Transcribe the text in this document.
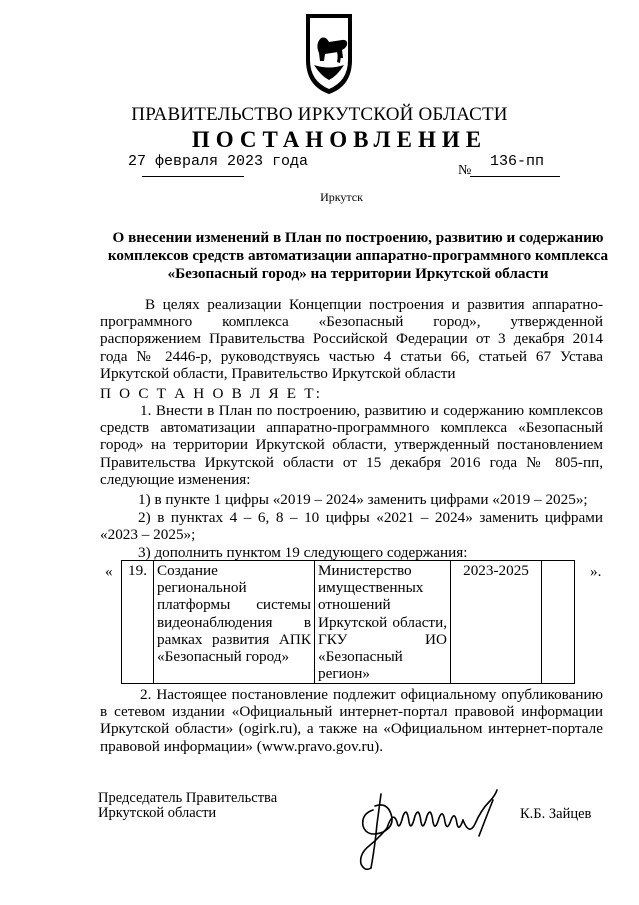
ПРАВИТЕЛЬСТВО ИРКУТСКОЙ ОБЛАСТИ
ПОСТАНОВЛЕНИЕ
27 февраля 2023 года
№
136-пп
Иркутск
О внесении изменений в План по построению, развитию и содержанию комплексов средств автоматизации аппаратно-программного комплекса «Безопасный город» на территории Иркутской области
В целях реализации Концепции построения и развития аппаратно-программного комплекса «Безопасный город», утвержденной распоряжением Правительства Российской Федерации от 3 декабря 2014 года № 2446-р, руководствуясь частью 4 статьи 66, статьей 67 Устава Иркутской области, Правительство Иркутской области
П О С Т А Н О В Л Я Е Т:
1. Внести в План по построению, развитию и содержанию комплексов средств автоматизации аппаратно-программного комплекса «Безопасный город» на территории Иркутской области, утвержденный постановлением Правительства Иркутской области от 15 декабря 2016 года № 805-пп, следующие изменения:
1) в пункте 1 цифры «2019 – 2024» заменить цифрами «2019 – 2025»;
2) в пунктах 4 – 6, 8 – 10 цифры «2021 – 2024» заменить цифрами «2023 – 2025»;
3) дополнить пунктом 19 следующего содержания:
« 19.	Создание региональной платформы системы видеонаблюдения в рамках развития АПК «Безопасный город»	Министерство имущественных отношений Иркутской области, ГКУ ИО «Безопасный регион»	2023-2025		».
2. Настоящее постановление подлежит официальному опубликованию в сетевом издании «Официальный интернет-портал правовой информации Иркутской области» (ogirk.ru), а также на «Официальном интернет-портале правовой информации» (www.pravo.gov.ru).
Председатель Правительства
Иркутской области	К.Б. Зайцев
